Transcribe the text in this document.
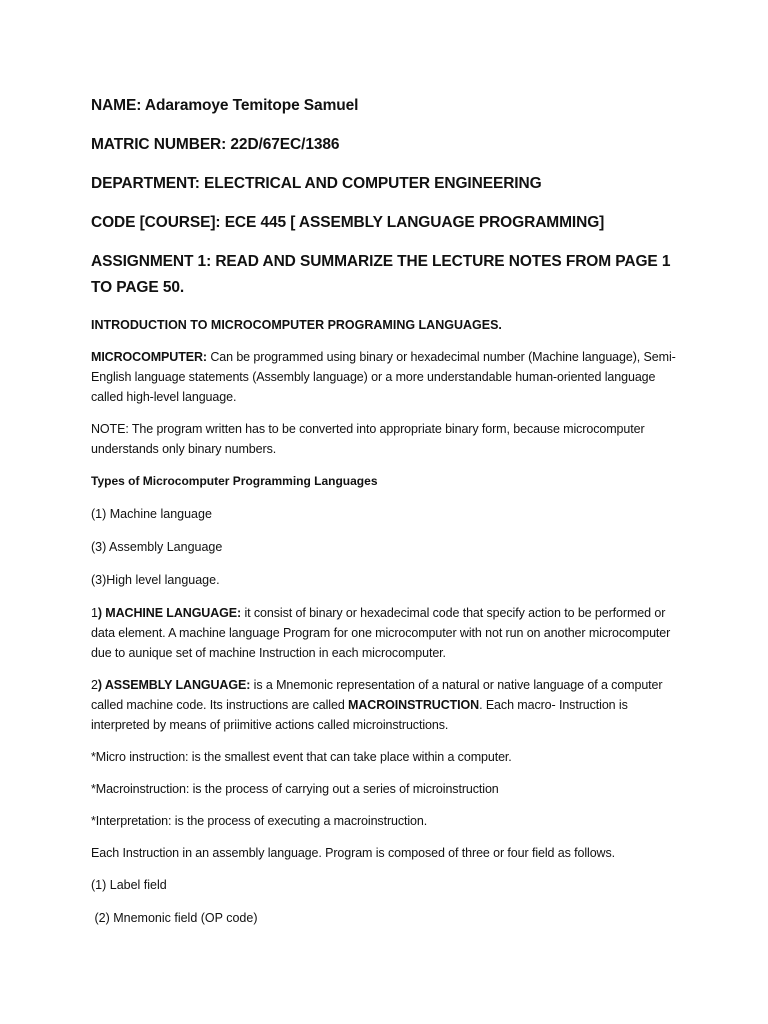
NAME: Adaramoye Temitope Samuel
MATRIC NUMBER: 22D/67EC/1386
DEPARTMENT: ELECTRICAL AND COMPUTER ENGINEERING
CODE [COURSE]: ECE 445 [ ASSEMBLY LANGUAGE PROGRAMMING]
ASSIGNMENT 1: READ AND SUMMARIZE THE LECTURE NOTES FROM PAGE 1 TO PAGE 50.
INTRODUCTION TO MICROCOMPUTER PROGRAMING LANGUAGES.
MICROCOMPUTER: Can be programmed using binary or hexadecimal number (Machine language), Semi-English language statements (Assembly language) or a more understandable human-oriented language called high-level language.
NOTE: The program written has to be converted into appropriate binary form, because microcomputer understands only binary numbers.
Types of Microcomputer Programming Languages
(1) Machine language
(3) Assembly Language
(3)High level language.
1) MACHINE LANGUAGE: it consist of binary or hexadecimal code that specify action to be performed or data element. A machine language Program for one microcomputer with not run on another microcomputer due to aunique set of machine Instruction in each microcomputer.
2) ASSEMBLY LANGUAGE: is a Mnemonic representation of a natural or native language of a computer called machine code. Its instructions are called MACROINSTRUCTION. Each macro- Instruction is interpreted by means of priimitive actions called microinstructions.
*Micro instruction: is the smallest event that can take place within a computer.
*Macroinstruction: is the process of carrying out a series of microinstruction
*Interpretation: is the process of executing a macroinstruction.
Each Instruction in an assembly language. Program is composed of three or four field as follows.
(1) Label field
(2) Mnemonic field (OP code)
